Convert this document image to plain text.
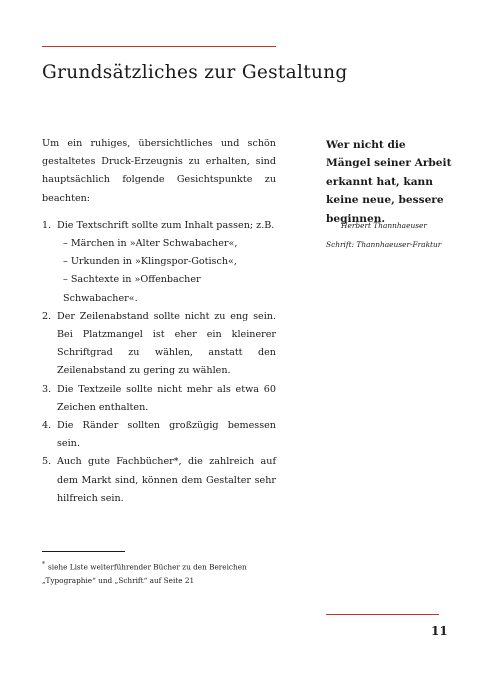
Grundsätzliches zur Gestaltung

Um ein ruhiges, übersichtliches und schön gestaltetes Druck-Erzeugnis zu erhalten, sind hauptsächlich folgende Gesichtspunkte zu beachten:

1. Die Textschrift sollte zum Inhalt passen; z.B.
– Märchen in »Alter Schwabacher«,
– Urkunden in »Klingspor-Gotisch«,
– Sachtexte in »Offenbacher Schwabacher«.
2. Der Zeilenabstand sollte nicht zu eng sein. Bei Platzmangel ist eher ein kleinerer Schriftgrad zu wählen, anstatt den Zeilenabstand zu gering zu wählen.
3. Die Textzeile sollte nicht mehr als etwa 60 Zeichen enthalten.
4. Die Ränder sollten großzügig bemessen sein.
5. Auch gute Fachbücher*, die zahlreich auf dem Markt sind, können dem Gestalter sehr hilfreich sein.
Wer nicht die
Mängel seiner Arbeit
erkannt hat, kann
keine neue, bessere
beginnen.
Herbert Thannhaeuser
Schrift: Thannhaeuser-Fraktur
* siehe Liste weiterführender Bücher zu den Bereichen „Typographie“ und „Schrift“ auf Seite 21
11
